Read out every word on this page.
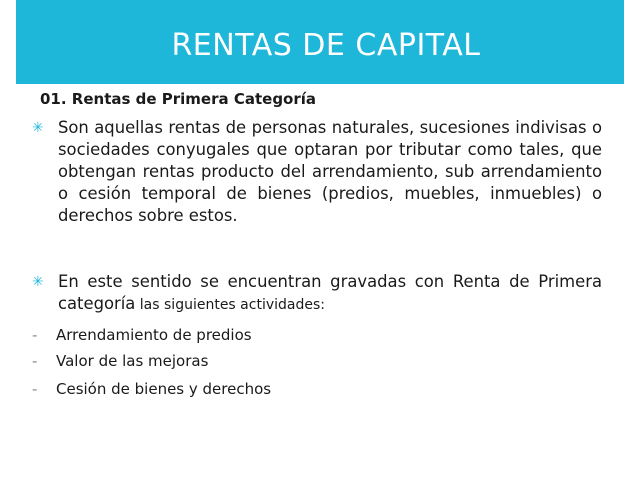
RENTAS DE CAPITAL
01. Rentas de Primera Categoría
✳ Son aquellas rentas de personas naturales, sucesiones indivisas o sociedades conyugales que optaran por tributar como tales, que obtengan rentas producto del arrendamiento, sub arrendamiento o cesión temporal de bienes (predios, muebles, inmuebles) o derechos sobre estos.
✳ En este sentido se encuentran gravadas con Renta de Primera categoría las siguientes actividades:
- Arrendamiento de predios
- Valor de las mejoras
- Cesión de bienes y derechos
